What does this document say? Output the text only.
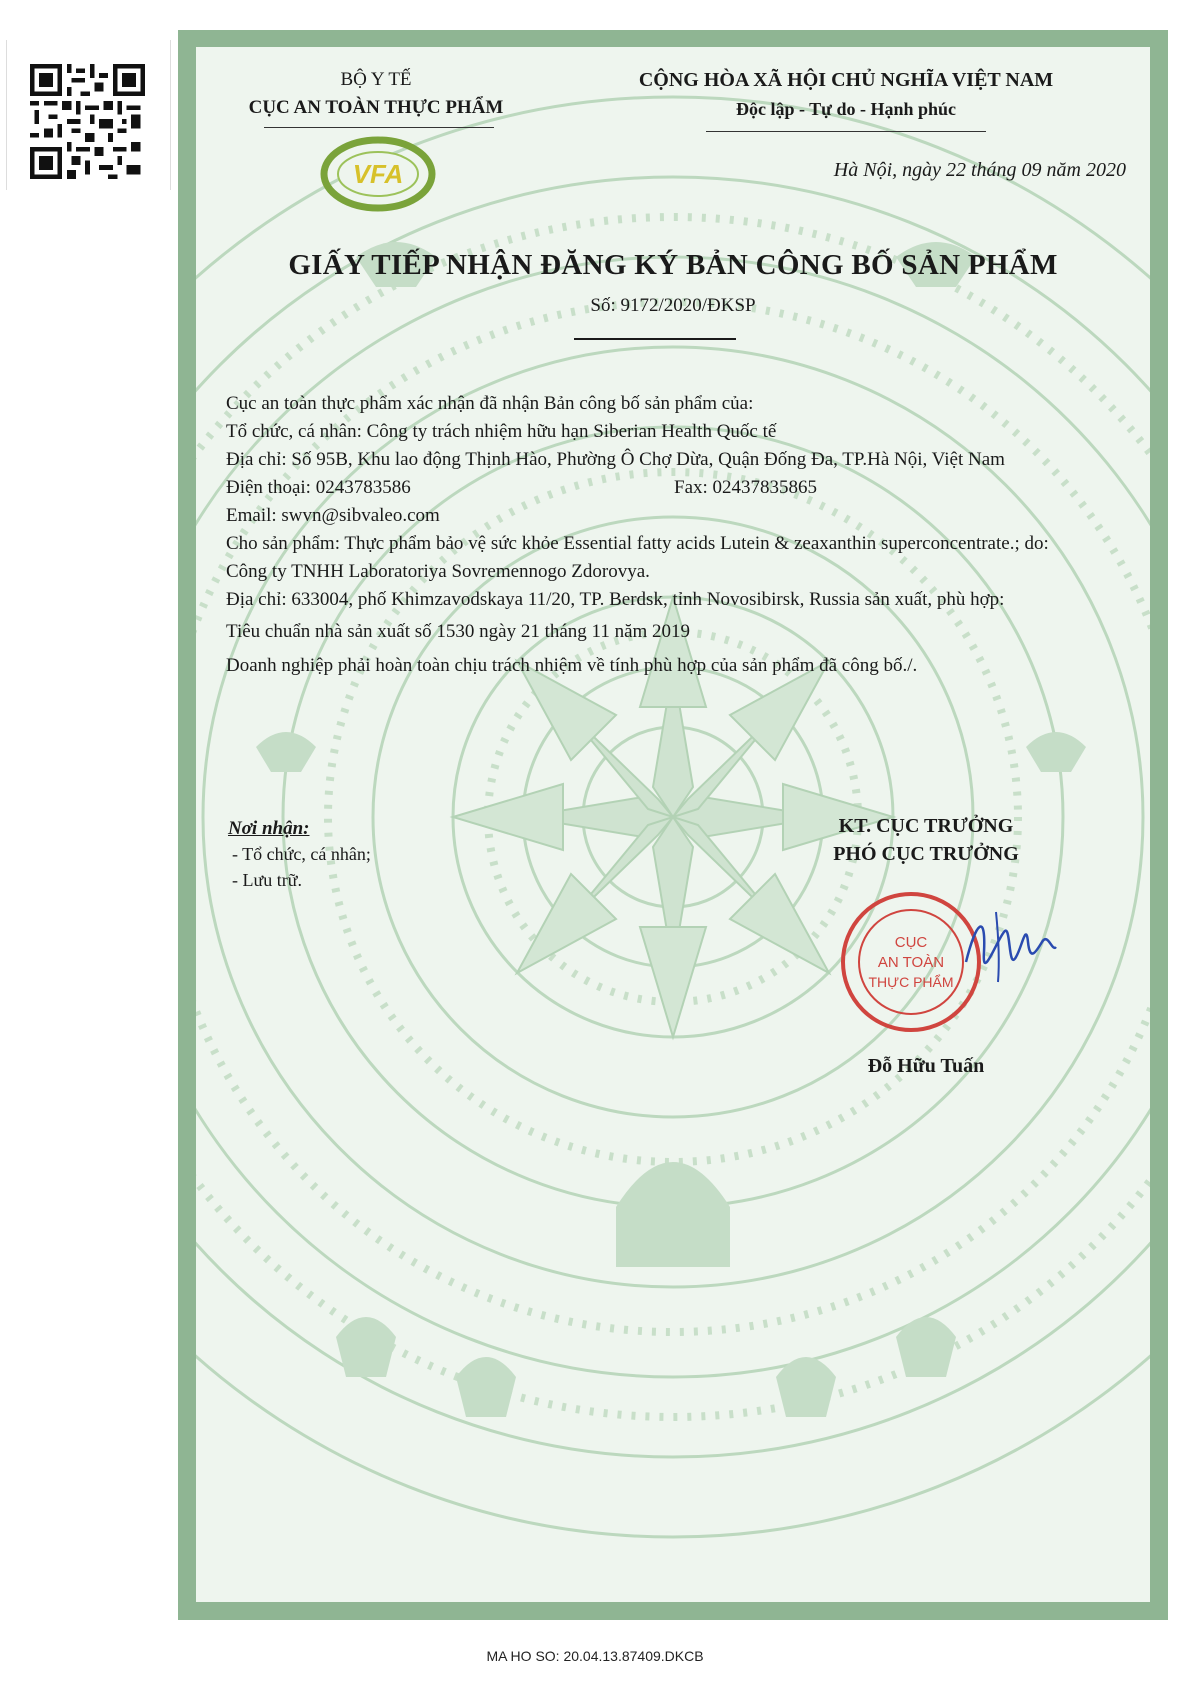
BỘ Y TẾ
CỤC AN TOÀN THỰC PHẨM
VFA
CỘNG HÒA XÃ HỘI CHỦ NGHĨA VIỆT NAM
Độc lập - Tự do - Hạnh phúc
Hà Nội, ngày 22 tháng 09 năm 2020
GIẤY TIẾP NHẬN ĐĂNG KÝ BẢN CÔNG BỐ SẢN PHẨM
Số: 9172/2020/ĐKSP

Cục an toàn thực phẩm xác nhận đã nhận Bản công bố sản phẩm của:

Tổ chức, cá nhân: Công ty trách nhiệm hữu hạn Siberian Health Quốc tế

Địa chỉ: Số 95B, Khu lao động Thịnh Hào, Phường Ô Chợ Dừa, Quận Đống Đa, TP.Hà Nội, Việt Nam

Điện thoại: 0243783586	Fax: 02437835865

Email: swvn@sibvaleo.com

Cho sản phẩm: Thực phẩm bảo vệ sức khỏe Essential fatty acids Lutein & zeaxanthin superconcentrate.; do:

Công ty TNHH Laboratoriya Sovremennogo Zdorovya.

Địa chỉ: 633004, phố Khimzavodskaya 11/20, TP. Berdsk, tỉnh Novosibirsk, Russia sản xuất, phù hợp:

Tiêu chuẩn nhà sản xuất số 1530 ngày 21 tháng 11 năm 2019

Doanh nghiệp phải hoàn toàn chịu trách nhiệm về tính phù hợp của sản phẩm đã công bố./.

Nơi nhận:
- Tổ chức, cá nhân;
- Lưu trữ.
KT. CỤC TRƯỞNG
PHÓ CỤC TRƯỞNG
CỤC
AN TOÀN
THỰC PHẨM
Đỗ Hữu Tuấn
MA HO SO: 20.04.13.87409.DKCB
